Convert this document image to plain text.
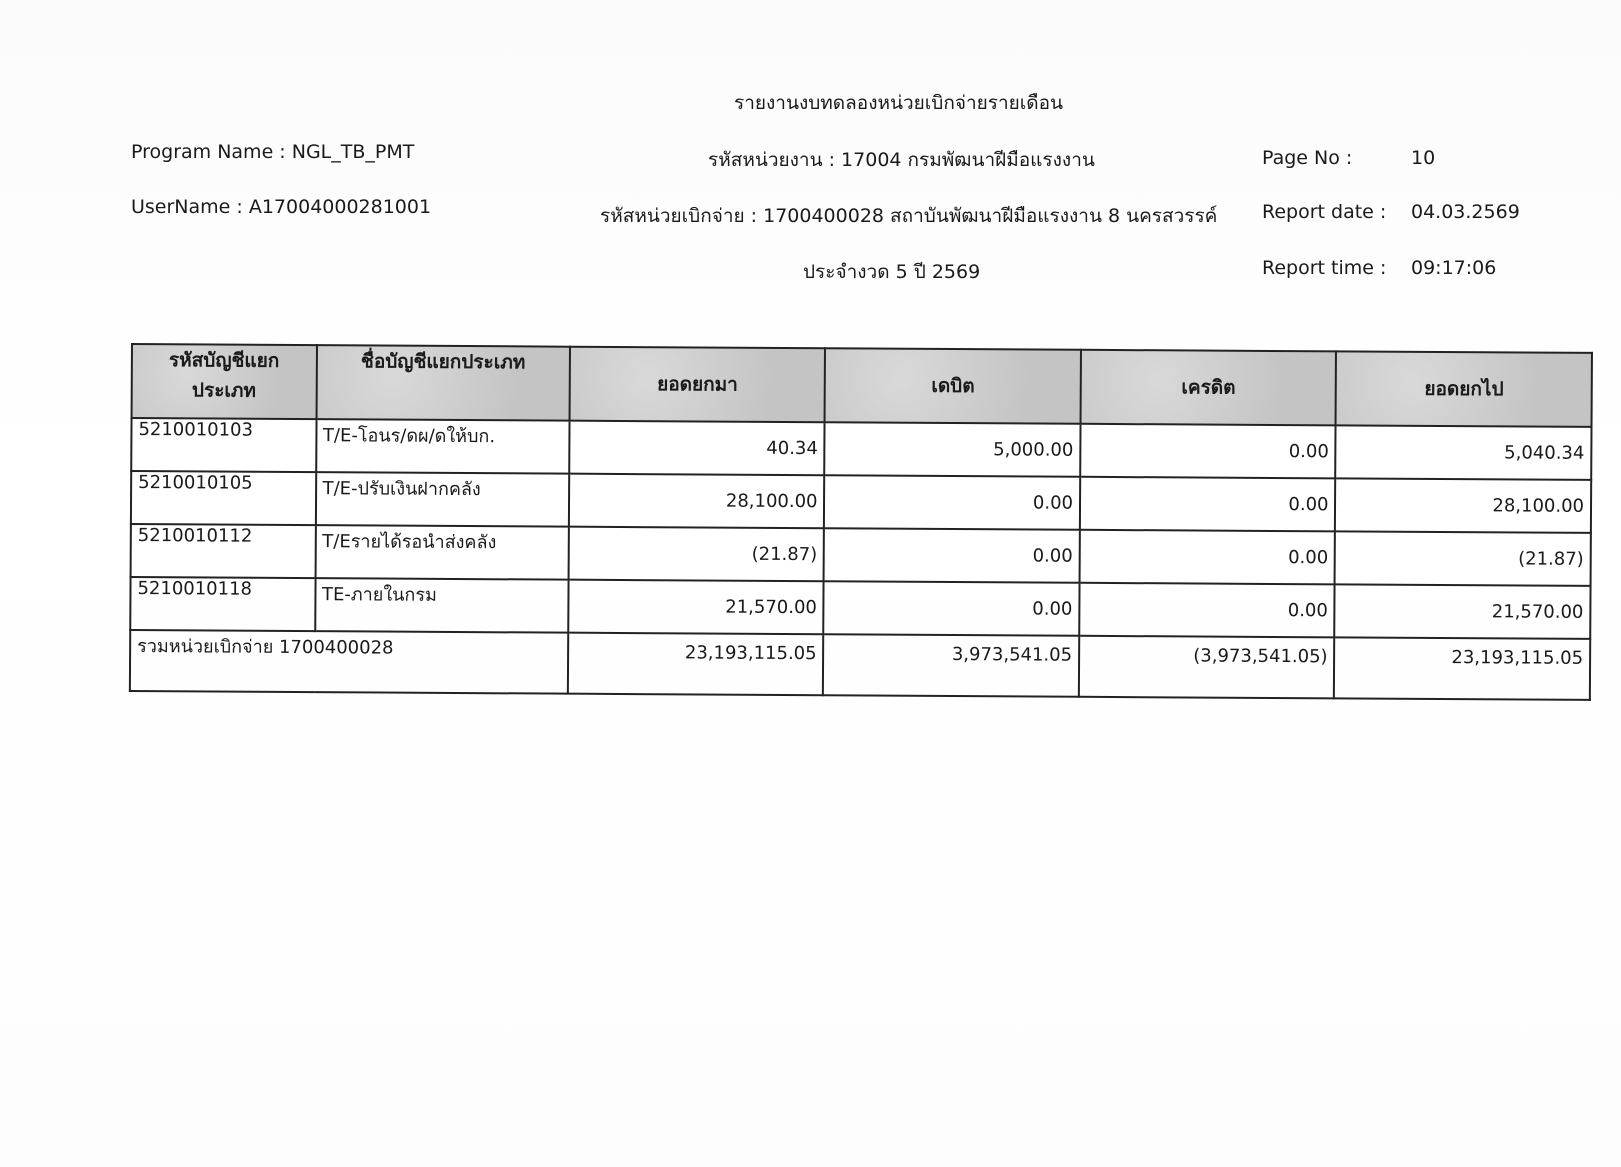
รายงานงบทดลองหน่วยเบิกจ่ายรายเดือน
Program Name : NGL_TB_PMT
UserName : A17004000281001
รหัสหน่วยงาน : 17004 กรมพัฒนาฝีมือแรงงาน
รหัสหน่วยเบิกจ่าย : 1700400028 สถาบันพัฒนาฝีมือแรงงาน 8 นครสวรรค์
ประจำงวด 5 ปี 2569
Page No :	10
Report date : 04.03.2569
Report time : 09:17:06
รหัสบัญชีแยกประเภท	ชื่อบัญชีแยกประเภท	ยอดยกมา	เดบิต	เครดิต	ยอดยกไป
5210010103	T/E-โอนร/ดผ/ดให้บก.	40.34	5,000.00	0.00	5,040.34
5210010105	T/E-ปรับเงินฝากคลัง	28,100.00	0.00	0.00	28,100.00
5210010112	T/Eรายได้รอนำส่งคลัง	(21.87)	0.00	0.00	(21.87)
5210010118	TE-ภายในกรม	21,570.00	0.00	0.00	21,570.00
รวมหน่วยเบิกจ่าย 1700400028		23,193,115.05	3,973,541.05	(3,973,541.05)	23,193,115.05
